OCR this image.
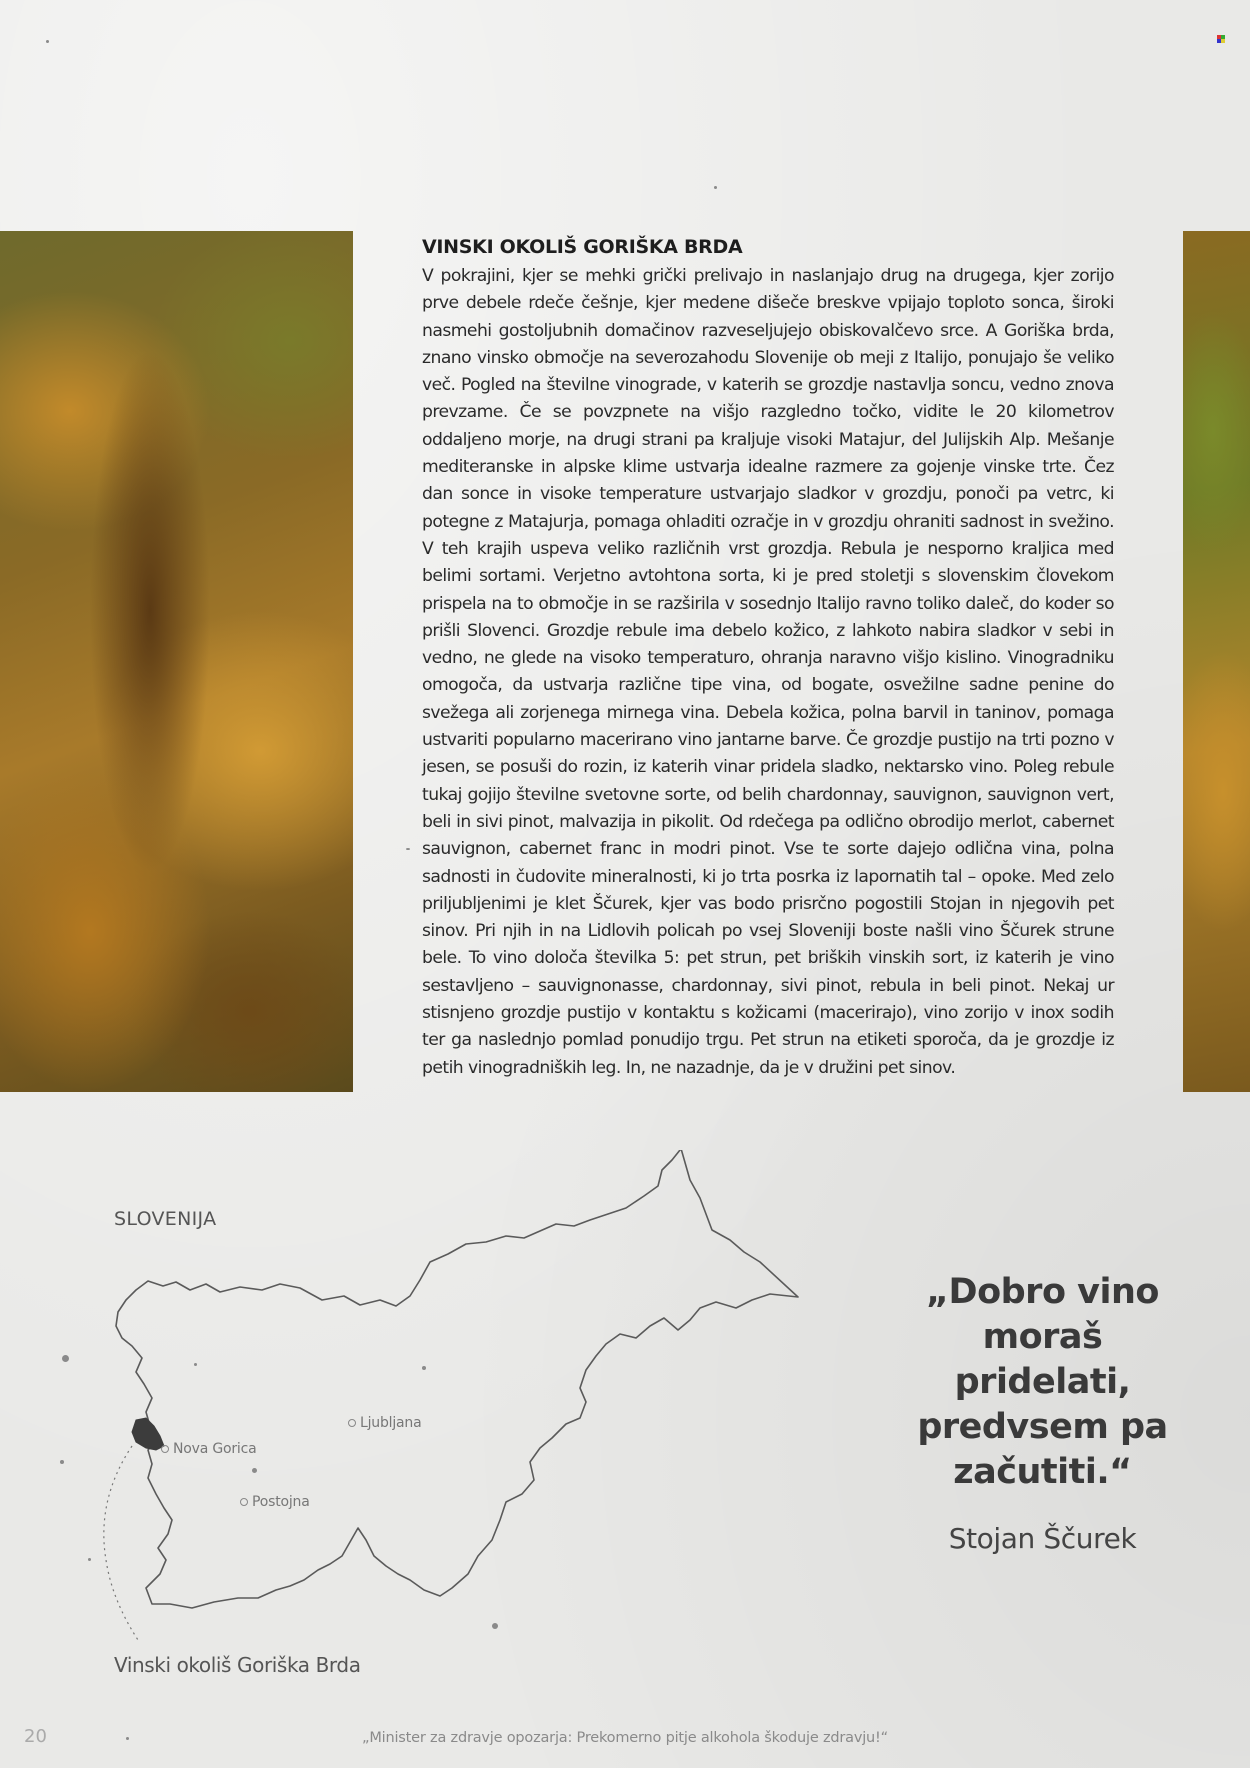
VINSKI OKOLIŠ GORIŠKA BRDA

V pokrajini, kjer se mehki grički prelivajo in naslanjajo drug na drugega, kjer zorijo prve debele rdeče češnje, kjer medene dišeče breskve vpijajo toploto sonca, široki nasmehi gostoljubnih domačinov razveseljujejo obiskovalčevo srce. A Goriška brda, znano vinsko območje na severozahodu Slovenije ob meji z Italijo, ponujajo še veliko več. Pogled na številne vinograde, v katerih se grozdje nastavlja soncu, vedno znova prevzame. Če se povzpnete na višjo razgledno točko, vidite le 20 kilometrov oddaljeno morje, na drugi strani pa kraljuje visoki Matajur, del Julijskih Alp. Mešanje mediteranske in alpske klime ustvarja idealne razmere za gojenje vinske trte. Čez dan sonce in visoke temperature ustvarjajo sladkor v grozdju, ponoči pa vetrc, ki potegne z Matajurja, pomaga ohladiti ozračje in v grozdju ohraniti sadnost in svežino. V teh krajih uspeva veliko različnih vrst grozdja. Rebula je nesporno kraljica med belimi sortami. Verjetno avtohtona sorta, ki je pred stoletji s slovenskim človekom prispela na to območje in se razširila v sosednjo Italijo ravno toliko daleč, do koder so prišli Slovenci. Grozdje rebule ima debelo kožico, z lahkoto nabira sladkor v sebi in vedno, ne glede na visoko temperaturo, ohranja naravno višjo kislino. Vinogradniku omogoča, da ustvarja različne tipe vina, od bogate, osvežilne sadne penine do svežega ali zorjenega mirnega vina. Debela kožica, polna barvil in taninov, pomaga ustvariti popularno macerirano vino jantarne barve. Če grozdje pustijo na trti pozno v jesen, se posuši do rozin, iz katerih vinar pridela sladko, nektarsko vino. Poleg rebule tukaj gojijo številne svetovne sorte, od belih chardonnay, sauvignon, sauvignon vert, beli in sivi pinot, malvazija in pikolit. Od rdečega pa odlično obrodijo merlot, cabernet sauvignon, cabernet franc in modri pinot. Vse te sorte dajejo odlična vina, polna sadnosti in čudovite mineralnosti, ki jo trta posrka iz lapornatih tal – opoke. Med zelo priljubljenimi je klet Ščurek, kjer vas bodo prisrčno pogostili Stojan in njegovih pet sinov. Pri njih in na Lidlovih policah po vsej Sloveniji boste našli vino Ščurek strune bele. To vino določa številka 5: pet strun, pet briških vinskih sort, iz katerih je vino sestavljeno – sauvignonasse, chardonnay, sivi pinot, rebula in beli pinot. Nekaj ur stisnjeno grozdje pustijo v kontaktu s kožicami (macerirajo), vino zorijo v inox sodih ter ga naslednjo pomlad ponudijo trgu. Pet strun na etiketi sporoča, da je grozdje iz petih vinogradniških leg. In, ne nazadnje, da je v družini pet sinov.

SLOVENIJA
Ljubljana
Nova Gorica
Postojna
Vinski okoliš Goriška Brda

„Dobro vino moraš pridelati, predvsem pa začutiti.“

Stojan Ščurek
20	„Minister za zdravje opozarja: Prekomerno pitje alkohola škoduje zdravju!“
